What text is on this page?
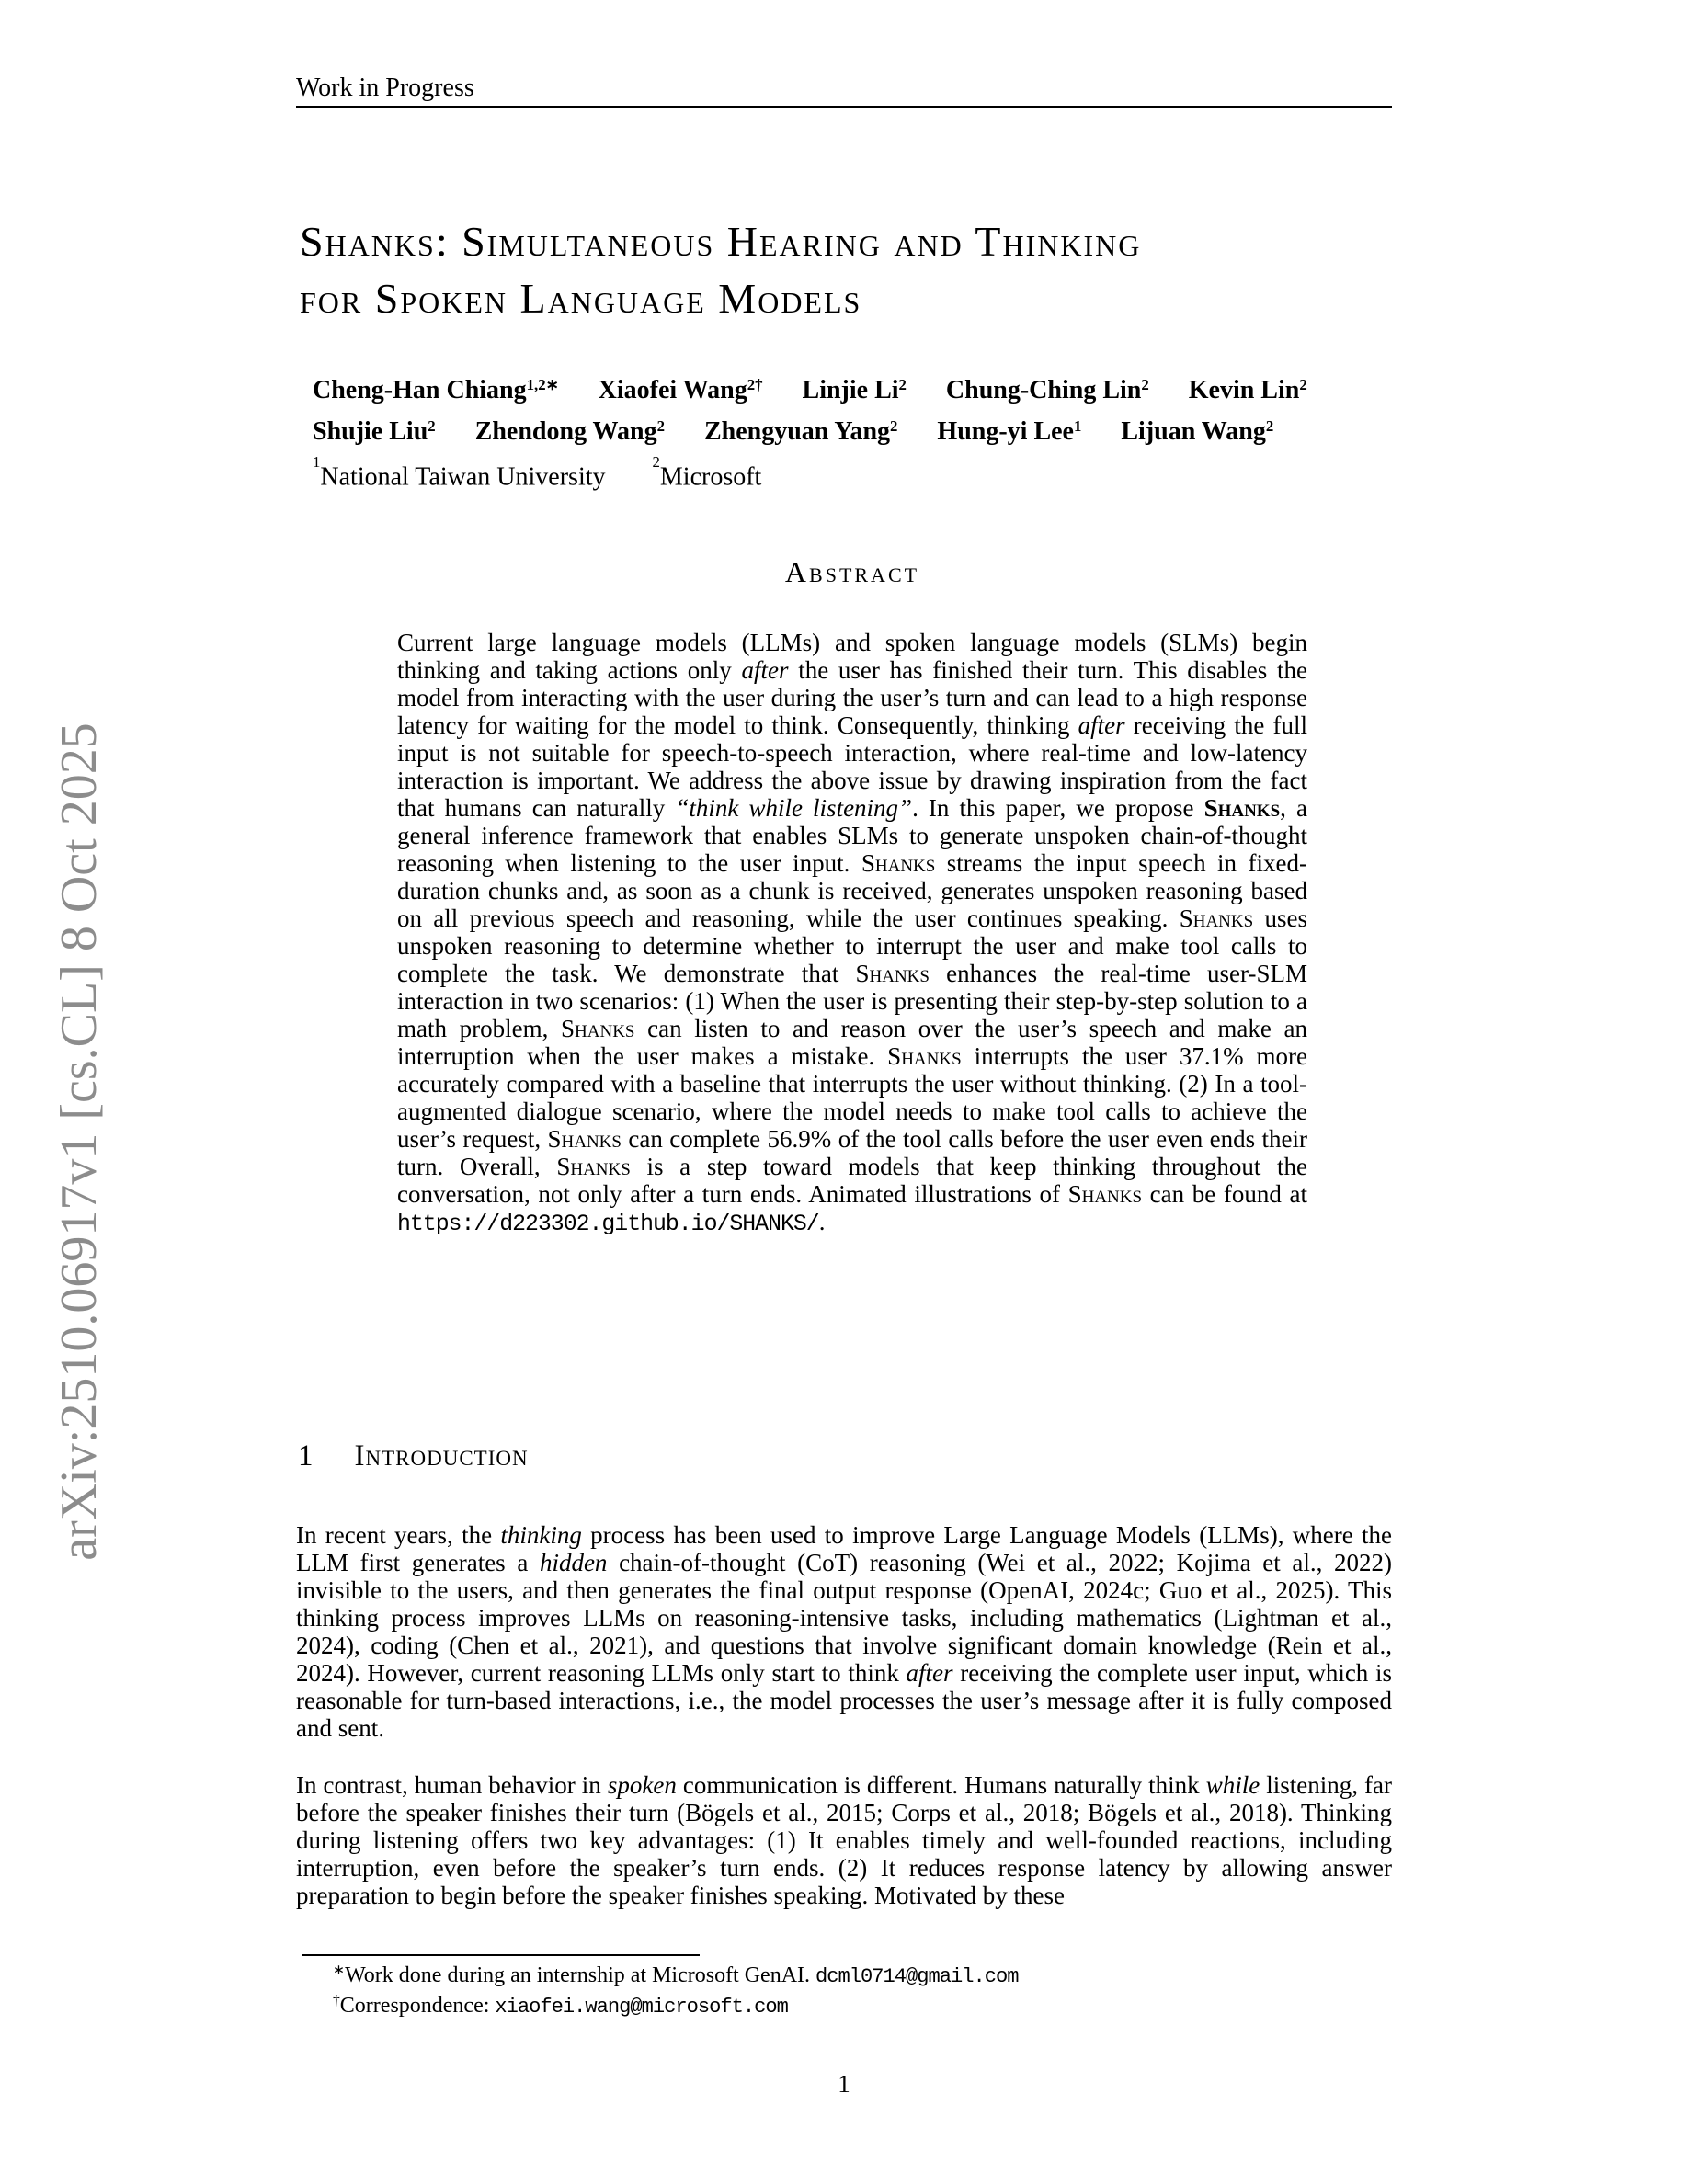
arXiv:2510.06917v1 [cs.CL] 8 Oct 2025
Work in Progress
Shanks: Simultaneous Hearing and Thinking
for Spoken Language Models
Cheng-Han Chiang$^{1,2∗}$ Xiaofei Wang$^{2\dagger}$ Linjie Li$^2$ Chung-Ching Lin$^2$ Kevin Lin$^2$
Shujie Liu$^2$ Zhendong Wang$^2$ Zhengyuan Yang$^2$ Hung-yi Lee$^1$ Lijuan Wang$^2$
$^1$National Taiwan University $^2$Microsoft
Abstract
Current large language models (LLMs) and spoken language models (SLMs) begin thinking and taking actions only after the user has finished their turn. This disables the model from interacting with the user during the user’s turn and can lead to a high response latency for waiting for the model to think. Consequently, thinking after receiving the full input is not suitable for speech-to-speech interaction, where real-time and low-latency interaction is important. We address the above issue by drawing inspiration from the fact that humans can naturally “think while listening”. In this paper, we propose Shanks, a general inference framework that enables SLMs to generate unspoken chain-of-thought reasoning when listening to the user input. Shanks streams the input speech in fixed-duration chunks and, as soon as a chunk is received, generates unspoken reasoning based on all previous speech and reasoning, while the user continues speaking. Shanks uses unspoken reasoning to determine whether to interrupt the user and make tool calls to complete the task. We demonstrate that Shanks enhances the real-time user-SLM interaction in two scenarios: (1) When the user is presenting their step-by-step solution to a math problem, Shanks can listen to and reason over the user’s speech and make an interruption when the user makes a mistake. Shanks interrupts the user 37.1% more accurately compared with a baseline that interrupts the user without thinking. (2) In a tool-augmented dialogue scenario, where the model needs to make tool calls to achieve the user’s request, Shanks can complete 56.9% of the tool calls before the user even ends their turn. Overall, Shanks is a step toward models that keep thinking throughout the conversation, not only after a turn ends. Animated illustrations of Shanks can be found at https://d223302.github.io/SHANKS/.
1 Introduction
In recent years, the thinking process has been used to improve Large Language Models (LLMs), where the LLM first generates a hidden chain-of-thought (CoT) reasoning (Wei et al., 2022; Kojima et al., 2022) invisible to the users, and then generates the final output response (OpenAI, 2024c; Guo et al., 2025). This thinking process improves LLMs on reasoning-intensive tasks, including mathematics (Lightman et al., 2024), coding (Chen et al., 2021), and questions that involve significant domain knowledge (Rein et al., 2024). However, current reasoning LLMs only start to think after receiving the complete user input, which is reasonable for turn-based interactions, i.e., the model processes the user’s message after it is fully composed and sent.
In contrast, human behavior in spoken communication is different. Humans naturally think while listening, far before the speaker finishes their turn (Bögels et al., 2015; Corps et al., 2018; Bögels et al., 2018). Thinking during listening offers two key advantages: (1) It enables timely and well-founded reactions, including interruption, even before the speaker’s turn ends. (2) It reduces response latency by allowing answer preparation to begin before the speaker finishes speaking. Motivated by these

∗Work done during an internship at Microsoft GenAI. dcml0714@gmail.com

†Correspondence: xiaofei.wang@microsoft.com

1
